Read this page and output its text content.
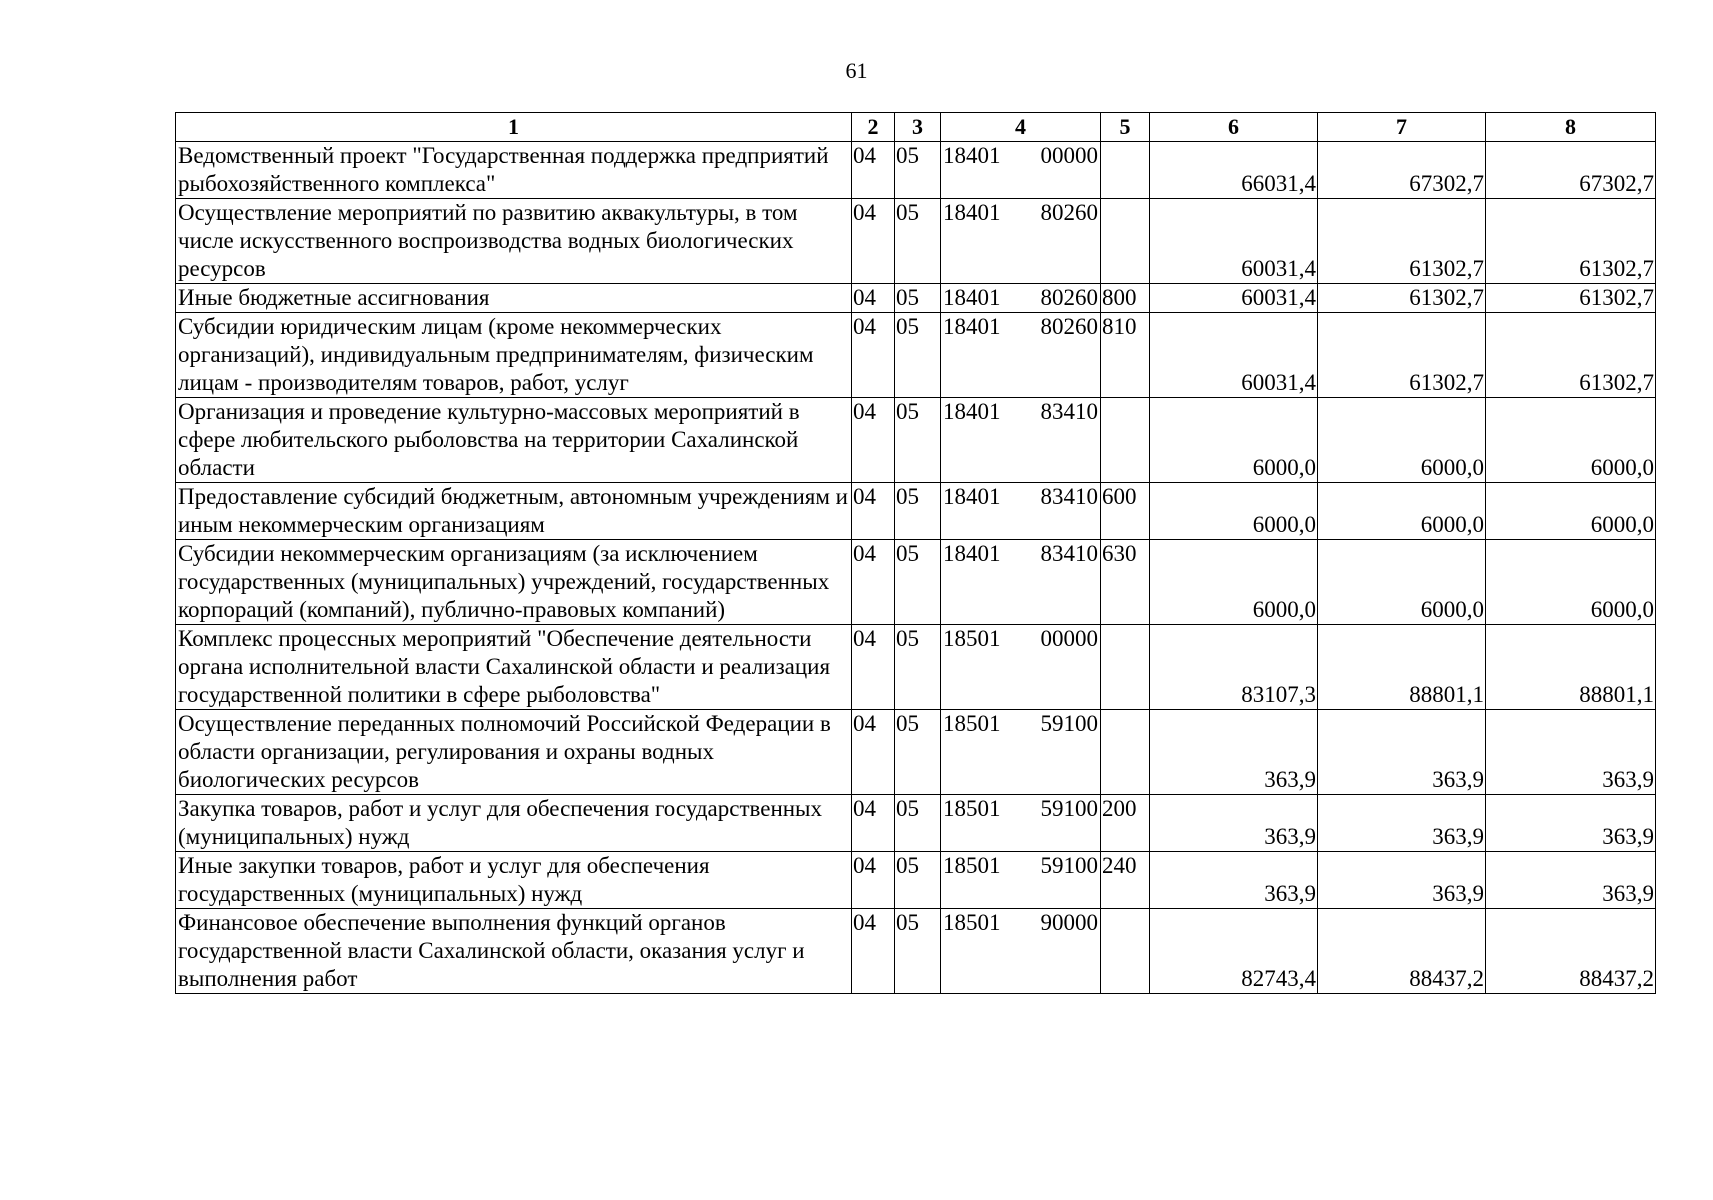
61
1	2	3	4	5	6	7	8
Ведомственный проект "Государственная поддержка предприятий рыбохозяйственного комплекса"	04	05	18401 00000		66031,4	67302,7	67302,7
Осуществление мероприятий по развитию аквакультуры, в том числе искусственного воспроизводства водных биологических ресурсов	04	05	18401 80260		60031,4	61302,7	61302,7
Иные бюджетные ассигнования	04	05	18401 80260	800	60031,4	61302,7	61302,7
Субсидии юридическим лицам (кроме некоммерческих организаций), индивидуальным предпринимателям, физическим лицам - производителям товаров, работ, услуг	04	05	18401 80260	810	60031,4	61302,7	61302,7
Организация и проведение культурно-массовых мероприятий в сфере любительского рыболовства на территории Сахалинской области	04	05	18401 83410		6000,0	6000,0	6000,0
Предоставление субсидий бюджетным, автономным учреждениям и иным некоммерческим организациям	04	05	18401 83410	600	6000,0	6000,0	6000,0
Субсидии некоммерческим организациям (за исключением государственных (муниципальных) учреждений, государственных корпораций (компаний), публично-правовых компаний)	04	05	18401 83410	630	6000,0	6000,0	6000,0
Комплекс процессных мероприятий "Обеспечение деятельности органа исполнительной власти Сахалинской области и реализация государственной политики в сфере рыболовства"	04	05	18501 00000		83107,3	88801,1	88801,1
Осуществление переданных полномочий Российской Федерации в области организации, регулирования и охраны водных биологических ресурсов	04	05	18501 59100		363,9	363,9	363,9
Закупка товаров, работ и услуг для обеспечения государственных (муниципальных) нужд	04	05	18501 59100	200	363,9	363,9	363,9
Иные закупки товаров, работ и услуг для обеспечения государственных (муниципальных) нужд	04	05	18501 59100	240	363,9	363,9	363,9
Финансовое обеспечение выполнения функций органов государственной власти Сахалинской области, оказания услуг и выполнения работ	04	05	18501 90000		82743,4	88437,2	88437,2
